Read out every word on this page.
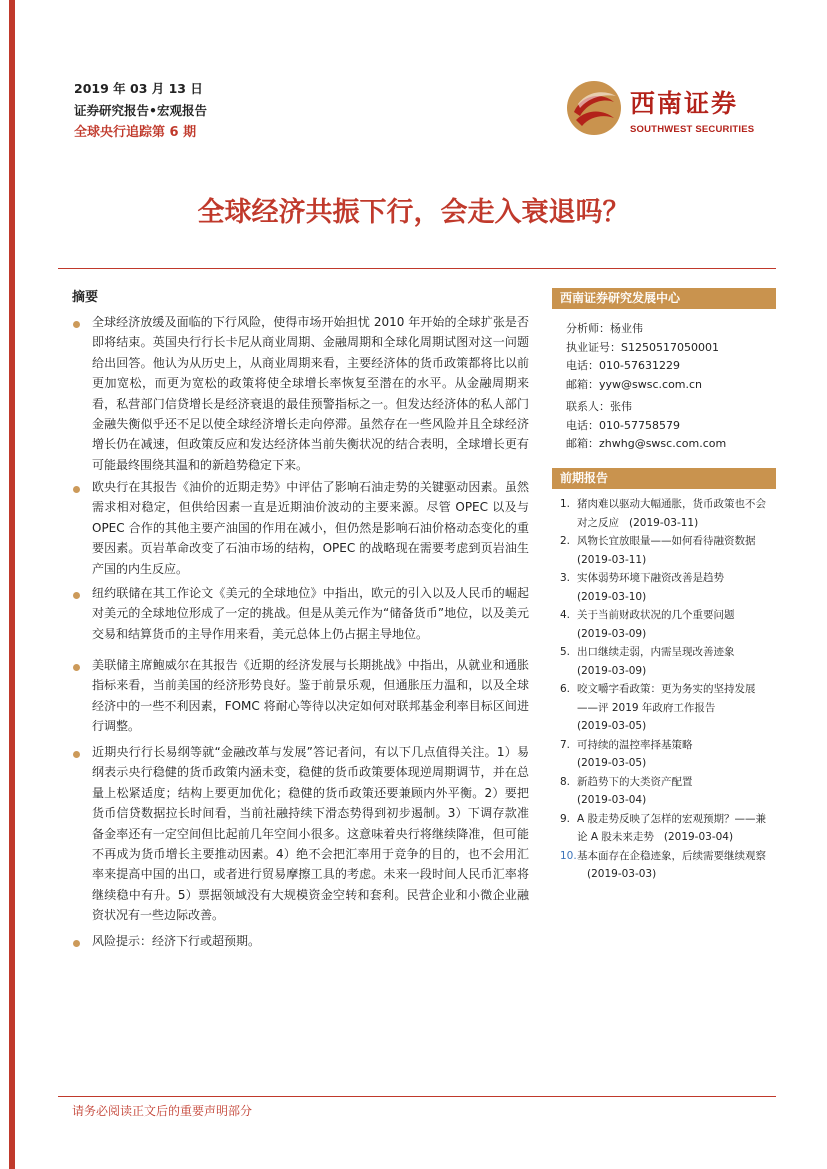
2019 年 03 月 13 日
证券研究报告•宏观报告
全球央行追踪第 6 期
西南证券
SOUTHWEST SECURITIES
全球经济共振下行，会走入衰退吗？
摘要
全球经济放缓及面临的下行风险，使得市场开始担忧 2010 年开始的全球扩张是否即将结束。英国央行行长卡尼从商业周期、金融周期和全球化周期试图对这一问题给出回答。他认为从历史上，从商业周期来看，主要经济体的货币政策都将比以前更加宽松，而更为宽松的政策将使全球增长率恢复至潜在的水平。从金融周期来看，私营部门信贷增长是经济衰退的最佳预警指标之一。但发达经济体的私人部门金融失衡似乎还不足以使全球经济增长走向停滞。虽然存在一些风险并且全球经济增长仍在减速，但政策反应和发达经济体当前失衡状况的结合表明，全球增长更有可能最终围绕其温和的新趋势稳定下来。
欧央行在其报告《油价的近期走势》中评估了影响石油走势的关键驱动因素。虽然需求相对稳定，但供给因素一直是近期油价波动的主要来源。尽管 OPEC 以及与 OPEC 合作的其他主要产油国的作用在减小，但仍然是影响石油价格动态变化的重要因素。页岩革命改变了石油市场的结构，OPEC 的战略现在需要考虑到页岩油生产国的内生反应。
纽约联储在其工作论文《美元的全球地位》中指出，欧元的引入以及人民币的崛起对美元的全球地位形成了一定的挑战。但是从美元作为“储备货币”地位，以及美元交易和结算货币的主导作用来看，美元总体上仍占据主导地位。
美联储主席鲍威尔在其报告《近期的经济发展与长期挑战》中指出，从就业和通胀指标来看，当前美国的经济形势良好。鉴于前景乐观，但通胀压力温和，以及全球经济中的一些不利因素，FOMC 将耐心等待以决定如何对联邦基金利率目标区间进行调整。
近期央行行长易纲等就“金融改革与发展”答记者问，有以下几点值得关注。1）易纲表示央行稳健的货币政策内涵未变，稳健的货币政策要体现逆周期调节，并在总量上松紧适度；结构上要更加优化；稳健的货币政策还要兼顾内外平衡。2）要把货币信贷数据拉长时间看，当前社融持续下滑态势得到初步遏制。3）下调存款准备金率还有一定空间但比起前几年空间小很多。这意味着央行将继续降准，但可能不再成为货币增长主要推动因素。4）绝不会把汇率用于竞争的目的，也不会用汇率来提高中国的出口，或者进行贸易摩擦工具的考虑。未来一段时间人民币汇率将继续稳中有升。5）票据领域没有大规模资金空转和套利。民营企业和小微企业融资状况有一些边际改善。
风险提示：经济下行或超预期。
西南证券研究发展中心
分析师：杨业伟
执业证号：S1250517050001
电话：010-57631229
邮箱：yyw@swsc.com.cn
联系人：张伟
电话：010-57758579
邮箱：zhwhg@swsc.com.com
前期报告
1. 猪肉难以驱动大幅通胀，货币政策也不会对之反应 (2019-03-11)
2. 风物长宜放眼量——如何看待融资数据
(2019-03-11)
3. 实体弱势环境下融资改善是趋势
(2019-03-10)
4. 关于当前财政状况的几个重要问题
(2019-03-09)
5. 出口继续走弱，内需呈现改善迹象
(2019-03-09)
6. 咬文嚼字看政策：更为务实的坚持发展——评 2019 年政府工作报告
(2019-03-05)
7. 可持续的温控率择基策略
(2019-03-05)
8. 新趋势下的大类资产配置
(2019-03-04)
9. A 股走势反映了怎样的宏观预期？——兼论 A 股未来走势 (2019-03-04)
10. 基本面存在企稳迹象，后续需要继续观察(2019-03-03)
请务必阅读正文后的重要声明部分
